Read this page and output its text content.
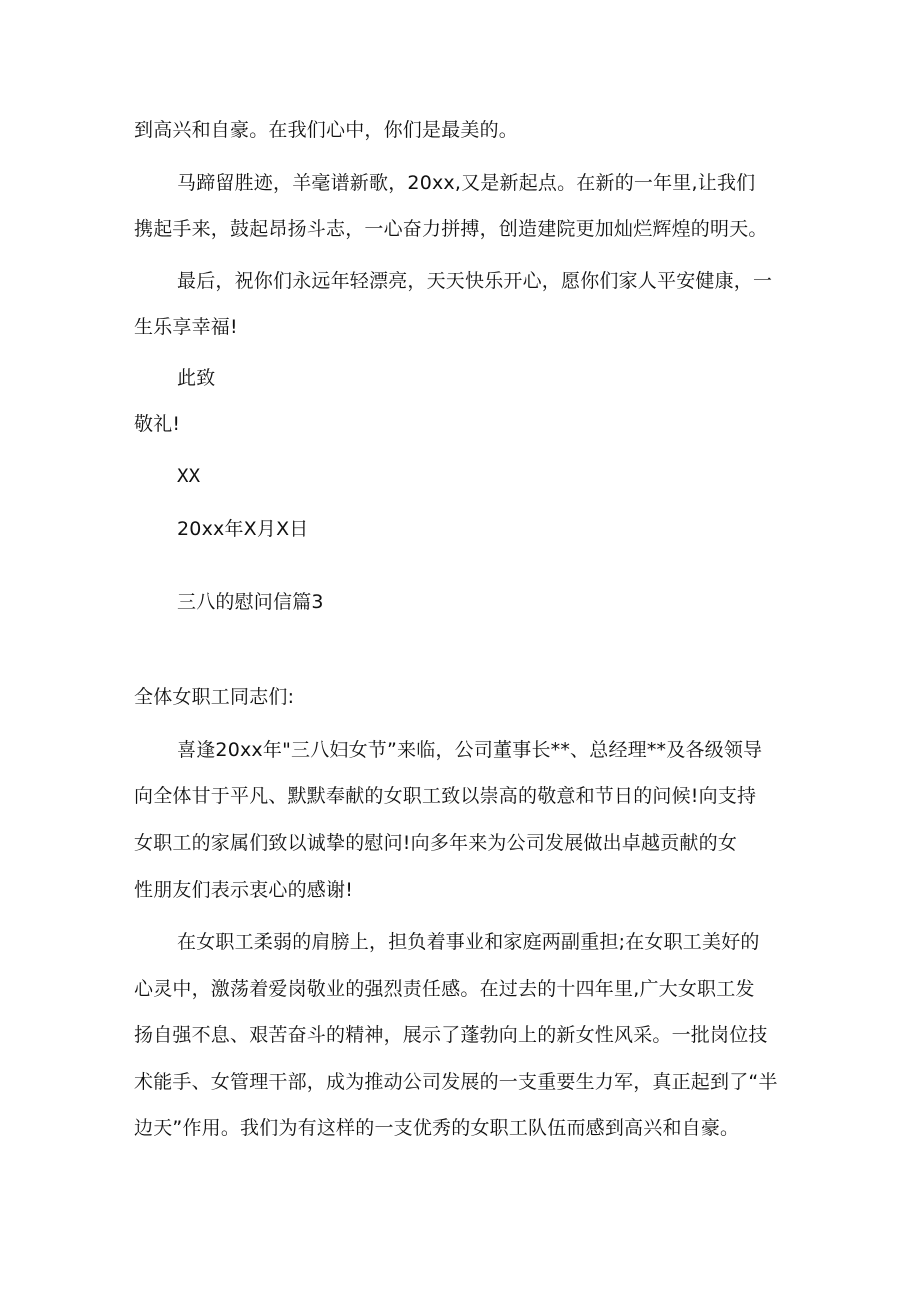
到高兴和自豪。在我们心中，你们是最美的。
马蹄留胜迹，羊毫谱新歌，20xx,又是新起点。在新的一年里,让我们
携起手来，鼓起昂扬斗志，一心奋力拼搏，创造建院更加灿烂辉煌的明天。
最后，祝你们永远年轻漂亮，天天快乐开心，愿你们家人平安健康，一
生乐享幸福!
此致
敬礼!
XX
20xx年X月X日
三八的慰问信篇3
全体女职工同志们:
喜逢20xx年"三八妇女节”来临，公司董事长**、总经理**及各级领导
向全体甘于平凡、默默奉献的女职工致以崇高的敬意和节日的问候!向支持
女职工的家属们致以诚挚的慰问!向多年来为公司发展做出卓越贡献的女
性朋友们表示衷心的感谢!
在女职工柔弱的肩膀上，担负着事业和家庭两副重担;在女职工美好的
心灵中，激荡着爱岗敬业的强烈责任感。在过去的十四年里,广大女职工发
扬自强不息、艰苦奋斗的精神，展示了蓬勃向上的新女性风采。一批岗位技
术能手、女管理干部，成为推动公司发展的一支重要生力军，真正起到了“半
边天”作用。我们为有这样的一支优秀的女职工队伍而感到高兴和自豪。
